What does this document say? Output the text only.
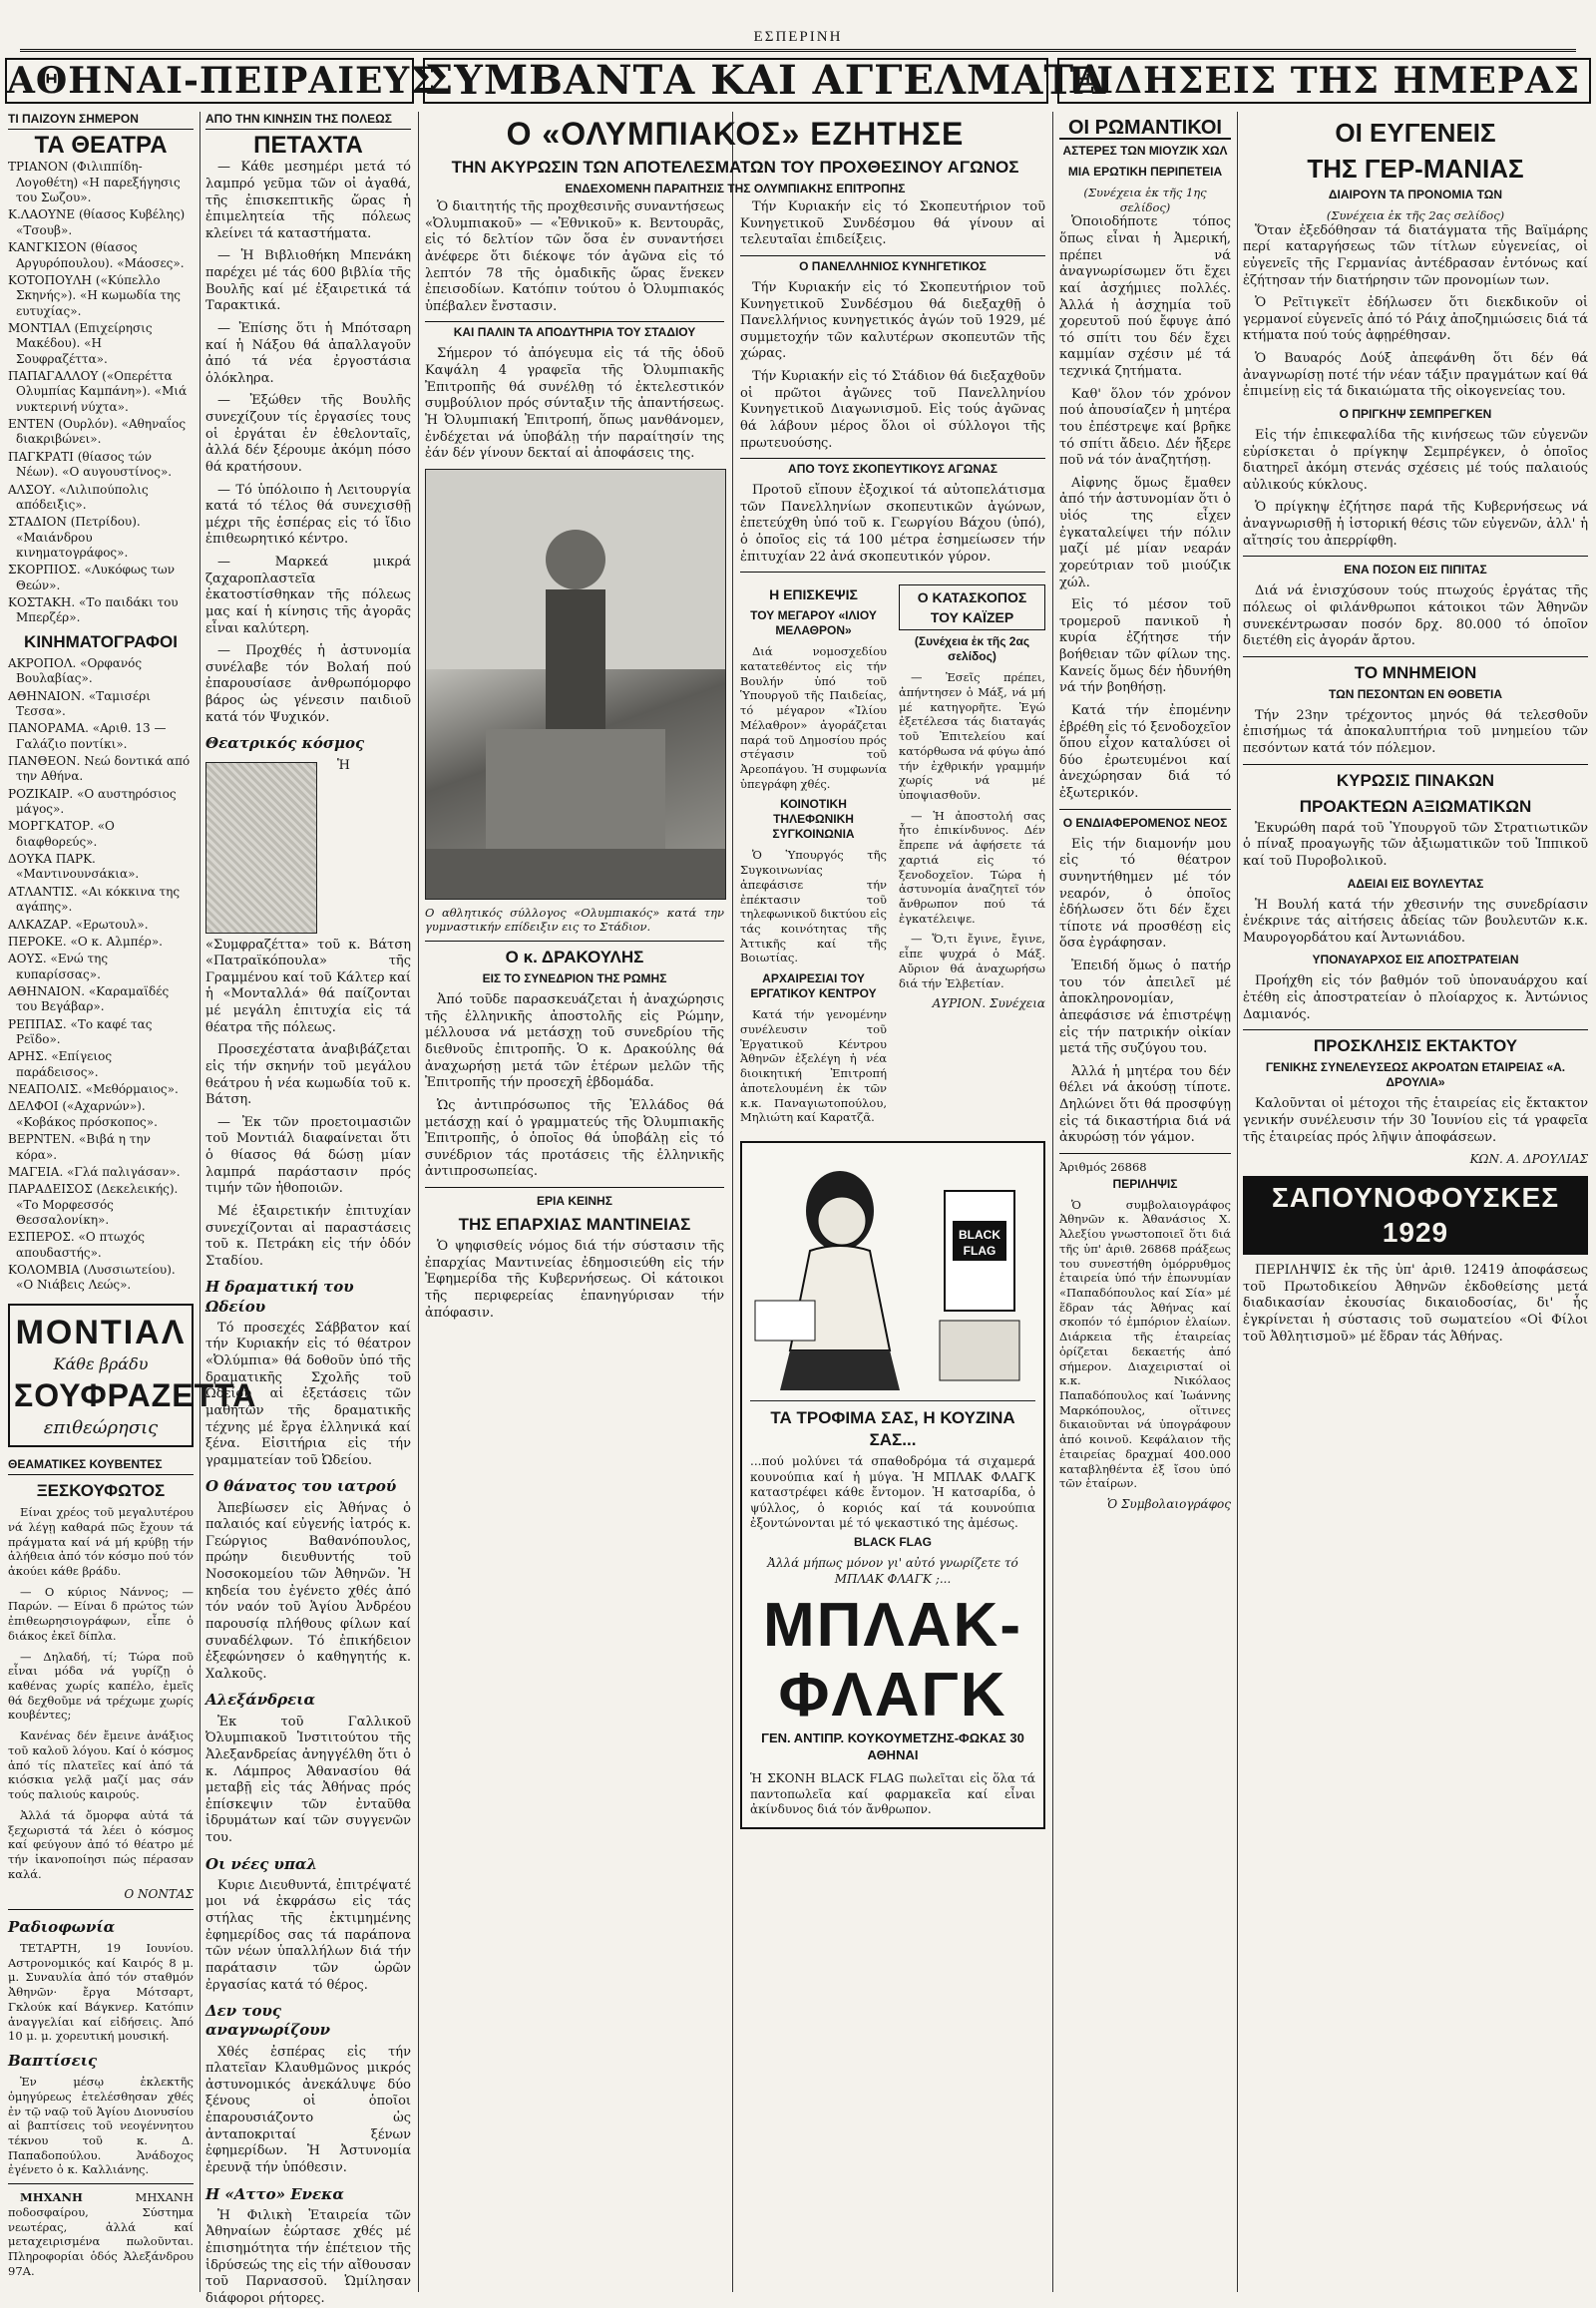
ΕΣΠΕΡΙΝΗ
ΑΘΗΝΑΙ-ΠΕΙΡΑΙΕΥΣ
ΣΥΜΒΑΝΤΑ ΚΑΙ ΑΓΓΕΛΜΑΤΑ
ΕΙΔΗΣΕΙΣ ΤΗΣ ΗΜΕΡΑΣ
ΤΙ ΠΑΙΖΟΥΝ ΣΗΜΕΡΟΝ
ΤΑ ΘΕΑΤΡΑ

ΤΡΙΑΝΟΝ (Φιλιππίδη-Λογοθέτη) «Η παρεξήγησις του Σωζου».

Κ.ΛΑΟΥΝΕ (θίασος Κυβέλης) «Τσουβ».

ΚΑΝΓΚΙΣΟΝ (θίασος Αργυρόπουλου). «Μάοσες».

ΚΟΤΟΠΟΥΛΗ («Κύπελλο Σκηνής»). «Η κωμωδία της ευτυχίας».

ΜΟΝΤΙΑΛ (Επιχείρησις Μακέδου). «Η Σουφραζέττα».

ΠΑΠΑΓΑΛΛΟΥ («Οπερέττα Ολυμπίας Καμπάνη»). «Μιά νυκτερινή νύχτα».

ΕΝΤΕΝ (Ουρλόν). «Αθηναΐος διακριβώνει».

ΠΑΓΚΡΑΤΙ (θίασος τών Νέων). «Ο αυγουστίνος».

ΑΛΣΟΥ. «Λιλιπούπολις απόδειξις».

ΣΤΑΔΙΟΝ (Πετρίδου). «Μαιάνδρου κινηματογράφος».

ΣΚΟΡΠΙΟΣ. «Λυκόφως των Θεών».

ΚΟΣΤΑΚΗ. «Το παιδάκι του Μπερζέρ».

ΚΙΝΗΜΑΤΟΓΡΑΦΟΙ

ΑΚΡΟΠΟΛ. «Ορφανός Βουλαβίας».

ΑΘΗΝΑΙΟΝ. «Ταμισέρι Τεσσα».

ΠΑΝΟΡΑΜΑ. «Αριθ. 13 — Γαλάζιο ποντίκι».

ΠΑΝΘΕΟΝ. Νεώ δοντικά από την Αθήνα.

ΡΟΖΙΚΑΙΡ. «Ο αυστηρόσιος μάγος».

ΜΟΡΓΚΑΤΟΡ. «Ο διαφθορεύς».

ΔΟΥΚΑ ΠΑΡΚ. «Μαντινουνσάκια».

ΑΤΛΑΝΤΙΣ. «Αι κόκκινα της αγάπης».

ΑΛΚΑΖΑΡ. «Ερωτουλ».

ΠΕΡΟΚΕ. «Ο κ. Αλμπέρ».

ΑΟΥΣ. «Ενώ της κυπαρίσσας».

ΑΘΗΝΑΙΟΝ. «Καραμαϊδές του Βεγάβαρ».

ΡΕΠΠΑΣ. «Το καφέ τας Ρεϊδο».

ΑΡΗΣ. «Επίγειος παράδεισος».

ΝΕΑΠΟΛΙΣ. «Μεθόρμαιος».

ΔΕΛΦΟΙ («Αχαρνών»). «Κοβάκος πρόσκοπος».

ΒΕΡΝΤΕΝ. «Βιβά η την κόρα».

ΜΑΓΕΙΑ. «Γλά παλιγάσαν».

ΠΑΡΑΔΕΙΣΟΣ (Δεκελεικής). «Το Μορφεσσός Θεσσαλονίκη».

ΕΣΠΕΡΟΣ. «Ο πτωχός απουδαστής».

ΚΟΛΟΜΒΙΑ (Λυσσιωτείου). «Ο Νιάβεις Λεώς».

ΜΟΝΤΙΑΛ
Κάθε βράδυ
ΣΟΥΦΡΑΖΕΤΤΑ
επιθεώρησις
ΘΕΑΜΑΤΙΚΕΣ ΚΟΥΒΕΝΤΕΣ
ΞΕΣΚΟΥΦΩΤΟΣ

Είναι χρέος τοῦ μεγαλυτέρου νά λέγῃ καθαρά πῶς ἔχουν τά πράγματα καί νά μή κρύβῃ τήν ἀλήθεια ἀπό τόν κόσμο πού τόν ἀκούει κάθε βράδυ.

— Ο κύριος Νάννος; — Παρών. — Είναι δ πρώτος τών ἐπιθεωρησιογράφων, εἶπε ὁ διάκος ἐκεῖ δίπλα.

— Δηλαδή, τί; Τώρα ποῦ εἶναι μόδα νά γυρίζῃ ὁ καθένας χωρίς καπέλο, ἐμεῖς θά δεχθοῦμε νά τρέχωμε χωρίς κουβέντες;

Κανένας δέν ἔμεινε ἀνάξιος τοῦ καλοῦ λόγου. Καί ὁ κόσμος ἀπό τίς πλατεῖες καί ἀπό τά κιόσκια γελᾷ μαζί μας σάν τούς παλιούς καιρούς.

Ἀλλά τά ὄμορφα αὐτά τά ξεχωριστά τά λέει ὁ κόσμος καί φεύγουν ἀπό τό θέατρο μέ τήν ἱκανοποίησι πώς πέρασαν καλά.

Ο ΝΟΝΤΑΣ
Ραδιοφωνία

ΤΕΤΑΡΤΗ, 19 Ιουνίου. Αστρονομικός καί Καιρός 8 μ. μ. Συναυλία ἀπό τόν σταθμόν Ἀθηνῶν· ἔργα Μότσαρτ, Γκλούκ καί Βάγκνερ. Κατόπιν ἀναγγελίαι καί εἰδήσεις. Ἀπό 10 μ. μ. χορευτική μουσική.

Βαπτίσεις

Ἐν μέσῳ ἐκλεκτῆς ὁμηγύρεως ἐτελέσθησαν χθές ἐν τῷ ναῷ τοῦ Ἁγίου Διονυσίου αἱ βαπτίσεις τοῦ νεογέννητου τέκνου τοῦ κ. Δ. Παπαδοπούλου. Ἀνάδοχος ἐγένετο ὁ κ. Καλλιάνης.

ΜΗΧΑΝΗ	ΜΗΧΑΝΗ ποδοσφαίρου, Σύστημα νεωτέρας, ἀλλά καί μεταχειρισμένα πωλοῦνται. Πληροφορίαι ὁδός Ἀλεξάνδρου 97Α.

ΑΠΟ ΤΗΝ ΚΙΝΗΣΙΝ ΤΗΣ ΠΟΛΕΩΣ
ΠΕΤΑΧΤΑ

— Κάθε μεσημέρι μετά τό λαμπρό γεῦμα τῶν οἰ ἀγαθά, τῆς ἐπισκεπτικῆς ὥρας ἡ ἐπιμελητεία τῆς πόλεως κλείνει τά καταστήματα.

— Ἡ Βιβλιοθήκη Μπενάκη παρέχει μέ τάς 600 βιβλία τῆς Βουλῆς καί μέ ἐξαιρετικά τά Ταρακτικά.

— Ἐπίσης ὅτι ἡ Μπότσαρη καί ἡ Νάξου θά ἀπαλλαγοῦν ἀπό τά νέα ἐργοστάσια ὁλόκληρα.

— Ἐξώθεν τῆς Βουλῆς συνεχίζουν τίς ἐργασίες τους οἱ ἐργάται ἐν ἐθελονταῖς, ἀλλά δέν ξέρουμε ἀκόμη πόσο θά κρατήσουν.

— Τό ὑπόλοιπο ἡ Λειτουργία κατά τό τέλος θά συνεχισθῇ μέχρι τῆς ἑσπέρας εἰς τό ἴδιο ἐπιθεωρητικό κέντρο.

— Μαρκεά μικρά ζαχαροπλαστεῖα ἐκατοστίσθηκαν τῆς πόλεως μας καί ἡ κίνησις τῆς ἀγορᾶς εἶναι καλύτερη.

— Προχθές ἡ ἀστυνομία συνέλαβε τόν Βολαή πού ἐπαρουσίασε ἀνθρωπόμορφο βάρος ὡς γένεσιν παιδιοῦ κατά τόν Ψυχικόν.

Θεατρικός κόσμος

Ἡ «Συμφραζέττα» τοῦ κ. Βάτση «Πατραϊκόπουλα» τῆς Γραμμένου καί τοῦ Κάλτερ καί ἡ «Μονταλλά» θά παίζονται μέ μεγάλη ἐπιτυχία εἰς τά θέατρα τῆς πόλεως.

Προσεχέστατα ἀναβιβάζεται εἰς τήν σκηνήν τοῦ μεγάλου θεάτρου ἡ νέα κωμωδία τοῦ κ. Βάτση.

— Ἐκ τῶν προετοιμασιῶν τοῦ Μοντιάλ διαφαίνεται ὅτι ὁ θίασος θά δώσῃ μίαν λαμπρά παράστασιν πρός τιμήν τῶν ἠθοποιῶν.

Μέ ἐξαιρετικήν ἐπιτυχίαν συνεχίζονται αἱ παραστάσεις τοῦ κ. Πετράκη εἰς τήν ὁδόν Σταδίου.

Η δραματική του Ωδείου

Τό προσεχές Σάββατον καί τήν Κυριακήν εἰς τό θέατρον «Ὀλύμπια» θά δοθοῦν ὑπό τῆς δραματικῆς Σχολῆς τοῦ Ὠδείου αἱ ἐξετάσεις τῶν μαθητῶν τῆς δραματικῆς τέχνης μέ ἔργα ἑλληνικά καί ξένα. Εἰσιτήρια εἰς τήν γραμματείαν τοῦ Ὠδείου.

Ο θάνατος του ιατρού

Ἀπεβίωσεν εἰς Ἀθήνας ὁ παλαιός καί εὐγενής ἰατρός κ. Γεώργιος Βαθανόπουλος, πρώην διευθυντής τοῦ Νοσοκομείου τῶν Ἀθηνῶν. Ἡ κηδεία του ἐγένετο χθές ἀπό τόν ναόν τοῦ Ἁγίου Ἀνδρέου παρουσίᾳ πλήθους φίλων καί συναδέλφων. Τό ἐπικήδειον ἐξεφώνησεν ὁ καθηγητής κ. Χαλκοῦς.

Αλεξάνδρεια

Ἐκ τοῦ Γαλλικοῦ Ὀλυμπιακοῦ Ἱνστιτούτου τῆς Ἀλεξανδρείας ἀνηγγέλθη ὅτι ὁ κ. Λάμπρος Ἀθανασίου θά μεταβῇ εἰς τάς Ἀθήνας πρός ἐπίσκεψιν τῶν ἐνταῦθα ἱδρυμάτων καί τῶν συγγενῶν του.

Οι νέες υπαλ

Κυριε Διευθυντά, ἐπιτρέψατέ μοι νά ἐκφράσω εἰς τάς στήλας τῆς ἐκτιμημένης ἐφημερίδος σας τά παράπονα τῶν νέων ὑπαλλήλων διά τήν παράτασιν τῶν ὡρῶν ἐργασίας κατά τό θέρος.

Δεν τους αναγνωρίζουν

Χθές ἑσπέρας εἰς τήν πλατεῖαν Κλαυθμῶνος μικρός ἀστυνομικός ἀνεκάλυψε δύο ξένους οἱ ὁποῖοι ἐπαρουσιάζοντο ὡς ἀνταποκριταί ξένων ἐφημερίδων. Ἡ Ἀστυνομία ἐρευνᾷ τήν ὑπόθεσιν.

Η «Αττο» Ενεκα

Ἡ Φιλικὴ Ἑταιρεία τῶν Ἀθηναίων ἐώρτασε χθές μέ ἐπισημότητα τήν ἐπέτειον τῆς ἱδρύσεώς της εἰς τήν αἴθουσαν τοῦ Παρνασσοῦ. Ὡμίλησαν διάφοροι ρήτορες.

Ο «ΟΛΥΜΠΙΑΚΟΣ» ΕΖΗΤΗΣΕ
ΤΗΝ ΑΚΥΡΩΣΙΝ ΤΩΝ ΑΠΟΤΕΛΕΣΜΑΤΩΝ ΤΟΥ ΠΡΟΧΘΕΣΙΝΟΥ ΑΓΩΝΟΣ
ΕΝΔΕΧΟΜΕΝΗ ΠΑΡΑΙΤΗΣΙΣ ΤΗΣ ΟΛΥΜΠΙΑΚΗΣ ΕΠΙΤΡΟΠΗΣ

Ὁ διαιτητής τῆς προχθεσινῆς συναντήσεως «Ὀλυμπιακοῦ» — «Ἐθνικοῦ» κ. Βεντουρᾶς, εἰς τό δελτίον τῶν ὅσα ἐν συναντήσει ἀνέφερε ὅτι διέκοψε τόν ἀγῶνα εἰς τό λεπτόν 78 τῆς ὁμαδικῆς ὥρας ἕνεκεν ἐπεισοδίων. Κατόπιν τούτου ὁ Ὀλυμπιακός ὑπέβαλεν ἔνστασιν.

ΚΑΙ ΠΑΛΙΝ ΤΑ ΑΠΟΔΥΤΗΡΙΑ ΤΟΥ ΣΤΑΔΙΟΥ

Σήμερον τό ἀπόγευμα εἰς τά τῆς ὁδοῦ Καψάλη 4 γραφεῖα τῆς Ὀλυμπιακῆς Ἐπιτροπῆς θά συνέλθῃ τό ἐκτελεστικόν συμβούλιον πρός σύνταξιν τῆς ἀπαντήσεως. Ἡ Ὀλυμπιακή Ἐπιτροπή, ὅπως μανθάνομεν, ἐνδέχεται νά ὑποβάλῃ τήν παραίτησίν της ἐάν δέν γίνουν δεκταί αἱ ἀποφάσεις της.

Ο αθλητικός σύλλογος «Ολυμπιακός» κατά την γυμναστικήν επίδειξιν εις το Στάδιον.
Ο κ. ΔΡΑΚΟΥΛΗΣ
ΕΙΣ ΤΟ ΣΥΝΕΔΡΙΟΝ ΤΗΣ ΡΩΜΗΣ

Ἀπό τοῦδε παρασκευάζεται ἡ ἀναχώρησις τῆς ἑλληνικῆς ἀποστολῆς εἰς Ρώμην, μέλλουσα νά μετάσχῃ τοῦ συνεδρίου τῆς διεθνοῦς ἐπιτροπῆς. Ὁ κ. Δρακούλης θά ἀναχωρήσῃ μετά τῶν ἑτέρων μελῶν τῆς Ἐπιτροπῆς τήν προσεχῆ ἑβδομάδα.

Ὡς ἀντιπρόσωπος τῆς Ἑλλάδος θά μετάσχῃ καί ὁ γραμματεύς τῆς Ὀλυμπιακῆς Ἐπιτροπῆς, ὁ ὁποῖος θά ὑποβάλῃ εἰς τό συνέδριον τάς προτάσεις τῆς ἑλληνικῆς ἀντιπροσωπείας.

ΕΡΙΑ ΚΕΙΝΗΣ
ΤΗΣ ΕΠΑΡΧΙΑΣ ΜΑΝΤΙΝΕΙΑΣ

Ὁ ψηφισθείς νόμος διά τήν σύστασιν τῆς ἐπαρχίας Μαντινείας ἐδημοσιεύθη εἰς τήν Ἐφημερίδα τῆς Κυβερνήσεως. Οἱ κάτοικοι τῆς περιφερείας ἐπανηγύρισαν τήν ἀπόφασιν.

Τήν Κυριακήν εἰς τό Σκοπευτήριον τοῦ Κυνηγετικοῦ Συνδέσμου θά γίνουν αἱ τελευταῖαι ἐπιδείξεις.

Ο ΠΑΝΕΛΛΗΝΙΟΣ ΚΥΝΗΓΕΤΙΚΟΣ

Τήν Κυριακήν εἰς τό Σκοπευτήριον τοῦ Κυνηγετικοῦ Συνδέσμου θά διεξαχθῇ ὁ Πανελλήνιος κυνηγετικός ἀγών τοῦ 1929, μέ συμμετοχήν τῶν καλυτέρων σκοπευτῶν τῆς χώρας.

Τήν Κυριακήν εἰς τό Στάδιον θά διεξαχθοῦν οἱ πρῶτοι ἀγῶνες τοῦ Πανελληνίου Κυνηγετικοῦ Διαγωνισμοῦ. Εἰς τούς ἀγῶνας θά λάβουν μέρος ὅλοι οἱ σύλλογοι τῆς πρωτευούσης.

ΑΠΟ ΤΟΥΣ ΣΚΟΠΕΥΤΙΚΟΥΣ ΑΓΩΝΑΣ

Προτοῦ εἴπουν ἐξοχικοί τά αὐτοπελάτισμα τῶν Πανελληνίων σκοπευτικῶν ἀγώνων, ἐπετεύχθη ὑπό τοῦ κ. Γεωργίου Βάχου (ὑπό), ὁ ὁποῖος εἰς τά 100 μέτρα ἐσημείωσεν τήν ἐπιτυχίαν 22 ἀνά σκοπευτικόν γύρον.

Η ΕΠΙΣΚΕΨΙΣ
ΤΟΥ ΜΕΓΑΡΟΥ «ΙΛΙΟΥ ΜΕΛΑΘΡΟΝ»

Διά νομοσχεδίου κατατεθέντος εἰς τήν Βουλήν ὑπό τοῦ Ὑπουργοῦ τῆς Παιδείας, τό μέγαρον «Ἰλίου Μέλαθρον» ἀγοράζεται παρά τοῦ Δημοσίου πρός στέγασιν τοῦ Ἀρεοπάγου. Ἡ συμφωνία ὑπεγράφη χθές.

ΚΟΙΝΟΤΙΚΗ ΤΗΛΕΦΩΝΙΚΗ ΣΥΓΚΟΙΝΩΝΙΑ

Ὁ Ὑπουργός τῆς Συγκοινωνίας ἀπεφάσισε τήν ἐπέκτασιν τοῦ τηλεφωνικοῦ δικτύου εἰς τάς κοινότητας τῆς Ἀττικῆς καί τῆς Βοιωτίας.

ΑΡΧΑΙΡΕΣΙΑΙ ΤΟΥ ΕΡΓΑΤΙΚΟΥ ΚΕΝΤΡΟΥ

Κατά τήν γενομένην συνέλευσιν τοῦ Ἐργατικοῦ Κέντρου Ἀθηνῶν ἐξελέγη ἡ νέα διοικητική Ἐπιτροπή ἀποτελουμένη ἐκ τῶν κ.κ. Παναγιωτοπούλου, Μηλιώτη καί Καρατζᾶ.

Ο ΚΑΤΑΣΚΟΠΟΣ ΤΟΥ ΚΑΪΖΕΡ
(Συνέχεια ἐκ τῆς 2ας σελίδος)

— Ἐσεῖς πρέπει, ἀπήντησεν ὁ Μάξ, νά μή μέ κατηγορῆτε. Ἐγώ ἐξετέλεσα τάς διαταγάς τοῦ Ἐπιτελείου καί κατόρθωσα νά φύγω ἀπό τήν ἐχθρικήν γραμμήν χωρίς νά μέ ὑποψιασθοῦν.

— Ἡ ἀποστολή σας ἦτο ἐπικίνδυνος. Δέν ἔπρεπε νά ἀφήσετε τά χαρτιά εἰς τό ξενοδοχεῖον. Τώρα ἡ ἀστυνομία ἀναζητεῖ τόν ἄνθρωπον πού τά ἐγκατέλειψε.

— Ὅ,τι ἔγινε, ἔγινε, εἶπε ψυχρά ὁ Μάξ. Αὔριον θά ἀναχωρήσω διά τήν Ἑλβετίαν.

ΑΥΡΙΟΝ. Συνέχεια
BLACK
FLAG
ΤΑ ΤΡΟΦΙΜΑ ΣΑΣ, Η ΚΟΥΖΙΝΑ ΣΑΣ...
...πού μολύνει τά σπαθοδρόμα τά σιχαμερά κουνούπια καί ἡ μύγα. Ἡ ΜΠΛΑΚ ΦΛΑΓΚ καταστρέφει κάθε ἔντομον. Ἡ κατσαρίδα, ὁ ψύλλος, ὁ κοριός καί τά κουνούπια ἐξοντώνονται μέ τό ψεκαστικό της ἀμέσως.
BLACK FLAG
Ἀλλά μήπως μόνον γι' αὐτό γνωρίζετε τό ΜΠΛΑΚ ΦΛΑΓΚ ;...
ΜΠΛΑΚ-ΦΛΑΓΚ
ΓΕΝ. ΑΝΤΙΠΡ. ΚΟΥΚΟΥΜΕΤΖΗΣ-ΦΩΚΑΣ 30 ΑΘΗΝΑΙ
Ἡ ΣΚΟΝΗ BLACK FLAG πωλεῖται εἰς ὅλα τά παντοπωλεῖα καί φαρμακεῖα καί εἶναι ἀκίνδυνος διά τόν ἄνθρωπον.
ΟΙ ΡΩΜΑΝΤΙΚΟΙ
ΑΣΤΕΡΕΣ ΤΩΝ ΜΙΟΥΖΙΚ ΧΩΛ
ΜΙΑ ΕΡΩΤΙΚΗ ΠΕΡΙΠΕΤΕΙΑ
(Συνέχεια ἐκ τῆς 1ης σελίδος)

Ὁποιοδήποτε τόπος ὅπως εἶναι ἡ Ἀμερική, πρέπει νά ἀναγνωρίσωμεν ὅτι ἔχει καί ἀσχήμιες πολλές. Ἀλλά ἡ ἀσχημία τοῦ χορευτοῦ πού ἔφυγε ἀπό τό σπίτι του δέν ἔχει καμμίαν σχέσιν μέ τά τεχνικά ζητήματα.

Καθ' ὅλον τόν χρόνον πού ἀπουσίαζεν ἡ μητέρα του ἐπέστρεψε καί βρῆκε τό σπίτι ἄδειο. Δέν ἤξερε ποῦ νά τόν ἀναζητήσῃ.

Αἰφνης ὅμως ἔμαθεν ἀπό τήν ἀστυνομίαν ὅτι ὁ υἱός της εἶχεν ἐγκαταλείψει τήν πόλιν μαζί μέ μίαν νεαράν χορεύτριαν τοῦ μιούζικ χώλ.

Εἰς τό μέσον τοῦ τρομεροῦ πανικοῦ ἡ κυρία ἐζήτησε τήν βοήθειαν τῶν φίλων της. Κανείς ὅμως δέν ἠδυνήθη νά τήν βοηθήσῃ.

Κατά τήν ἐπομένην ἐβρέθη εἰς τό ξενοδοχεῖον ὅπου εἶχον καταλύσει οἱ δύο ἐρωτευμένοι καί ἀνεχώρησαν διά τό ἐξωτερικόν.

Ο ΕΝΔΙΑΦΕΡΟΜΕΝΟΣ ΝΕΟΣ

Εἰς τήν διαμονήν μου εἰς τό θέατρον συνηντήθημεν μέ τόν νεαρόν, ὁ ὁποῖος ἐδήλωσεν ὅτι δέν ἔχει τίποτε νά προσθέσῃ εἰς ὅσα ἐγράφησαν.

Ἐπειδή ὅμως ὁ πατήρ του τόν ἀπειλεῖ μέ ἀποκληρονομίαν, ἀπεφάσισε νά ἐπιστρέψῃ εἰς τήν πατρικήν οἰκίαν μετά τῆς συζύγου του.

Ἀλλά ἡ μητέρα του δέν θέλει νά ἀκούσῃ τίποτε. Δηλώνει ὅτι θά προσφύγῃ εἰς τά δικαστήρια διά νά ἀκυρώσῃ τόν γάμον.

Ἀριθμός 26868
ΠΕΡΙΛΗΨΙΣ

Ὁ συμβολαιογράφος Ἀθηνῶν κ. Ἀθανάσιος Χ. Ἀλεξίου γνωστοποιεῖ ὅτι διά τῆς ὑπ' ἀριθ. 26868 πράξεως του συνεστήθη ὁμόρρυθμος ἑταιρεία ὑπό τήν ἐπωνυμίαν «Παπαδόπουλος καί Σία» μέ ἕδραν τάς Ἀθήνας καί σκοπόν τό ἐμπόριον ἐλαίων. Διάρκεια τῆς ἑταιρείας ὁρίζεται δεκαετής ἀπό σήμερον. Διαχειρισταί οἱ κ.κ. Νικόλαος Παπαδόπουλος καί Ἰωάννης Μαρκόπουλος, οἵτινες δικαιοῦνται νά ὑπογράφουν ἀπό κοινοῦ. Κεφάλαιον τῆς ἑταιρείας δραχμαί 400.000 καταβληθέντα ἐξ ἴσου ὑπό τῶν ἑταίρων.

Ὁ Συμβολαιογράφος
ΟΙ ΕΥΓΕΝΕΙΣ
ΤΗΣ ΓΕΡ-ΜΑΝΙΑΣ
ΔΙΑΙΡΟΥΝ ΤΑ ΠΡΟΝΟΜΙΑ ΤΩΝ
(Συνέχεια ἐκ τῆς 2ας σελίδος)

Ὅταν ἐξεδόθησαν τά διατάγματα τῆς Βαϊμάρης περί καταργήσεως τῶν τίτλων εὐγενείας, οἱ εὐγενεῖς τῆς Γερμανίας ἀντέδρασαν ἐντόνως καί ἐζήτησαν τήν διατήρησιν τῶν προνομίων των.

Ὁ Ρεῖτιγκεϊτ ἐδήλωσεν ὅτι διεκδικοῦν οἱ γερμανοί εὐγενεῖς ἀπό τό Ράιχ ἀποζημιώσεις διά τά κτήματα πού τούς ἀφῃρέθησαν.

Ὁ Βαυαρός Δούξ ἀπεφάνθη ὅτι δέν θά ἀναγνωρίσῃ ποτέ τήν νέαν τάξιν πραγμάτων καί θά ἐπιμείνῃ εἰς τά δικαιώματα τῆς οἰκογενείας του.

Ο ΠΡΙΓΚΗΨ ΣΕΜΠΡΕΓΚΕΝ

Εἰς τήν ἐπικεφαλίδα τῆς κινήσεως τῶν εὐγενῶν εὑρίσκεται ὁ πρίγκηψ Σεμπρέγκεν, ὁ ὁποῖος διατηρεῖ ἀκόμη στενάς σχέσεις μέ τούς παλαιούς αὐλικούς κύκλους.

Ὁ πρίγκηψ ἐζήτησε παρά τῆς Κυβερνήσεως νά ἀναγνωρισθῇ ἡ ἱστορική θέσις τῶν εὐγενῶν, ἀλλ' ἡ αἴτησίς του ἀπερρίφθη.

ΕΝΑ ΠΟΣΟΝ ΕΙΣ ΠΙΠΙΤΑΣ

Διά νά ἐνισχύσουν τούς πτωχούς ἐργάτας τῆς πόλεως οἱ φιλάνθρωποι κάτοικοι τῶν Ἀθηνῶν συνεκέντρωσαν ποσόν δρχ. 80.000 τό ὁποῖον διετέθη εἰς ἀγοράν ἄρτου.

ΤΟ ΜΝΗΜΕΙΟΝ
ΤΩΝ ΠΕΣΟΝΤΩΝ ΕΝ ΘΟΒΕΤΙΑ

Τήν 23ην τρέχοντος μηνός θά τελεσθοῦν ἐπισήμως τά ἀποκαλυπτήρια τοῦ μνημείου τῶν πεσόντων κατά τόν πόλεμον.

ΚΥΡΩΣΙΣ ΠΙΝΑΚΩΝ
ΠΡΟΑΚΤΕΩΝ ΑΞΙΩΜΑΤΙΚΩΝ

Ἐκυρώθη παρά τοῦ Ὑπουργοῦ τῶν Στρατιωτικῶν ὁ πίναξ προαγωγῆς τῶν ἀξιωματικῶν τοῦ Ἱππικοῦ καί τοῦ Πυροβολικοῦ.

ΑΔΕΙΑΙ ΕΙΣ ΒΟΥΛΕΥΤΑΣ

Ἡ Βουλή κατά τήν χθεσινήν της συνεδρίασιν ἐνέκρινε τάς αἰτήσεις ἀδείας τῶν βουλευτῶν κ.κ. Μαυρογορδάτου καί Ἀντωνιάδου.

ΥΠΟΝΑΥΑΡΧΟΣ ΕΙΣ ΑΠΟΣΤΡΑΤΕΙΑΝ

Προήχθη εἰς τόν βαθμόν τοῦ ὑποναυάρχου καί ἐτέθη εἰς ἀποστρατείαν ὁ πλοίαρχος κ. Ἀντώνιος Δαμιανός.

ΠΡΟΣΚΛΗΣΙΣ ΕΚΤΑΚΤΟΥ
ΓΕΝΙΚΗΣ ΣΥΝΕΛΕΥΣΕΩΣ ΑΚΡΟΑΤΩΝ ΕΤΑΙΡΕΙΑΣ «Α. ΔΡΟΥΛΙΑ»

Καλοῦνται οἱ μέτοχοι τῆς ἑταιρείας εἰς ἔκτακτον γενικήν συνέλευσιν τήν 30 Ἰουνίου εἰς τά γραφεῖα τῆς ἑταιρείας πρός λῆψιν ἀποφάσεων.

ΚΩΝ. Α. ΔΡΟΥΛΙΑΣ
ΣΑΠΟΥΝΟΦΟΥΣΚΕΣ 1929

ΠΕΡΙΛΗΨΙΣ ἐκ τῆς ὑπ' ἀριθ. 12419 ἀποφάσεως τοῦ Πρωτοδικείου Ἀθηνῶν ἐκδοθείσης μετά διαδικασίαν ἑκουσίας δικαιοδοσίας, δι' ἧς ἐγκρίνεται ἡ σύστασις τοῦ σωματείου «Οἱ Φίλοι τοῦ Ἀθλητισμοῦ» μέ ἕδραν τάς Ἀθήνας.
